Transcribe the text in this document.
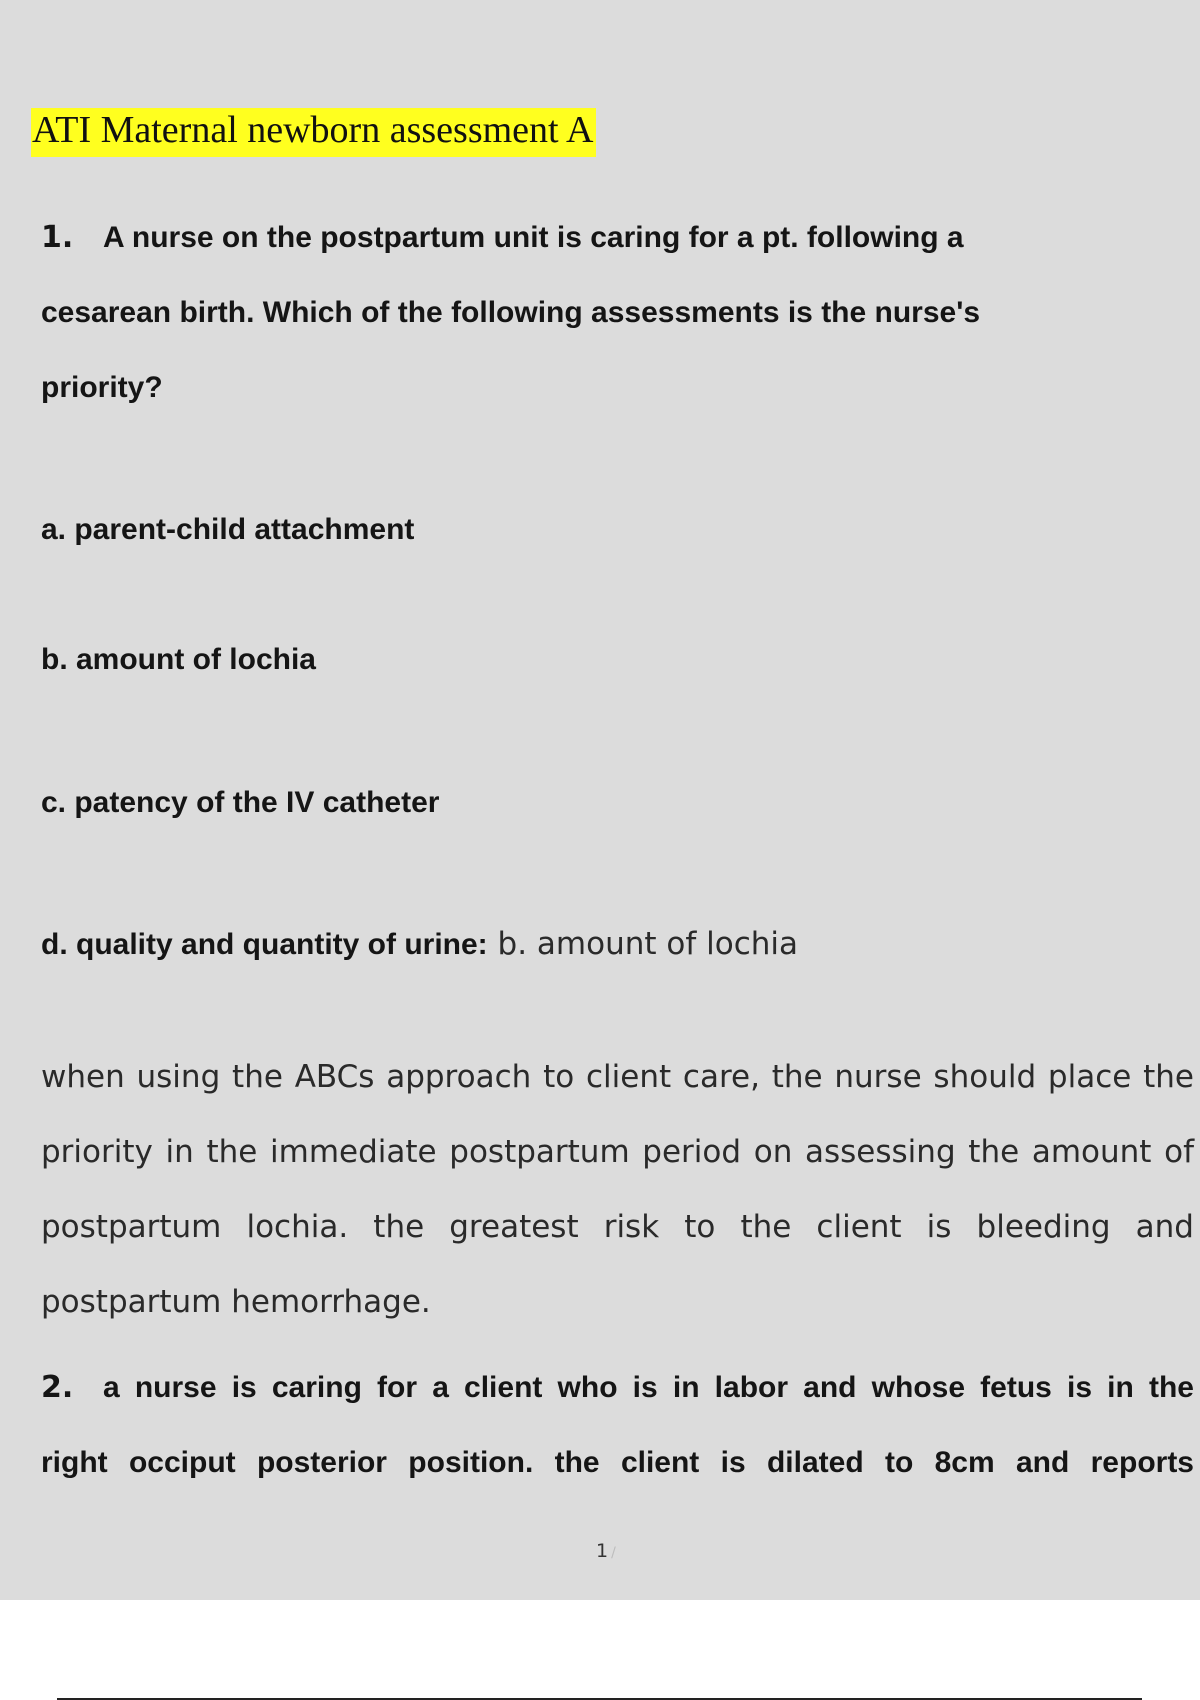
ATI Maternal newborn assessment A

1. A nurse on the postpartum unit is caring for a pt. following a

cesarean birth. Which of the following assessments is the nurse's

priority?

a. parent-child attachment

b. amount of lochia

c. patency of the IV catheter

d. quality and quantity of urine: b. amount of lochia

when using the ABCs approach to client care, the nurse should place the priority in the immediate postpartum period on assessing the amount of postpartum lochia. the greatest risk to the client is bleeding and postpartum hemorrhage.

2. a nurse is caring for a client who is in labor and whose fetus is in the

right occiput posterior position. the client is dilated to 8cm and reports

1 /
